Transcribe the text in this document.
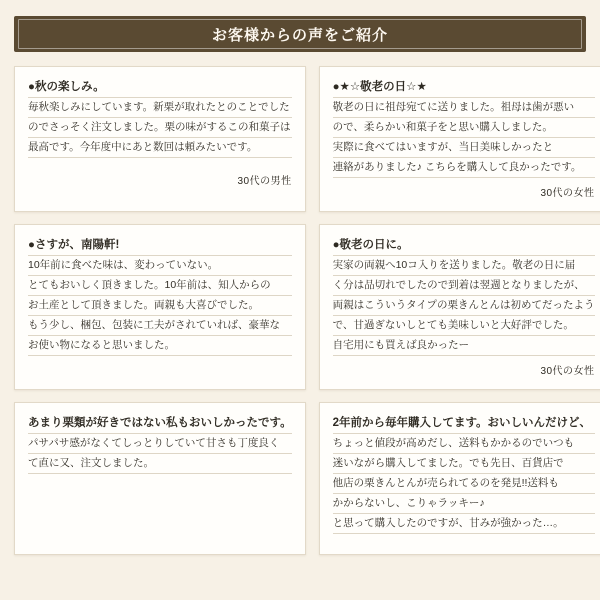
お客様からの声をご紹介
●秋の楽しみ。
毎秋楽しみにしています。新栗が取れたとのことでした
のでさっそく注文しました。栗の味がするこの和菓子は
最高です。今年度中にあと数回は頼みたいです。
30代の男性
●★☆敬老の日☆★
敬老の日に祖母宛てに送りました。祖母は歯が悪い
ので、柔らかい和菓子をと思い購入しました。
実際に食べてはいますが、当日美味しかったと
連絡がありました♪ こちらを購入して良かったです。
30代の女性
●さすが、南陽軒!
10年前に食べた味は、変わっていない。
とてもおいしく頂きました。10年前は、知人からの
お土産として頂きました。両親も大喜びでした。
もう少し、梱包、包装に工夫がされていれば、豪華な
お使い物になると思いました。
●敬老の日に。
実家の両親へ10コ入りを送りました。敬老の日に届
く分は品切れでしたので到着は翌週となりましたが、
両親はこういうタイプの栗きんとんは初めてだったよう
で、甘過ぎないしとても美味しいと大好評でした。
自宅用にも買えば良かったー
30代の女性
あまり栗類が好きではない私もおいしかったです。
パサパサ感がなくてしっとりしていて甘さも丁度良く
て直に又、注文しました。
2年前から毎年購入してます。おいしいんだけど、
ちょっと値段が高めだし、送料もかかるのでいつも
迷いながら購入してました。でも先日、百貨店で
他店の栗きんとんが売られてるのを発見!!送料も
かからないし、こりゃラッキー♪
と思って購入したのですが、甘みが強かった…。
